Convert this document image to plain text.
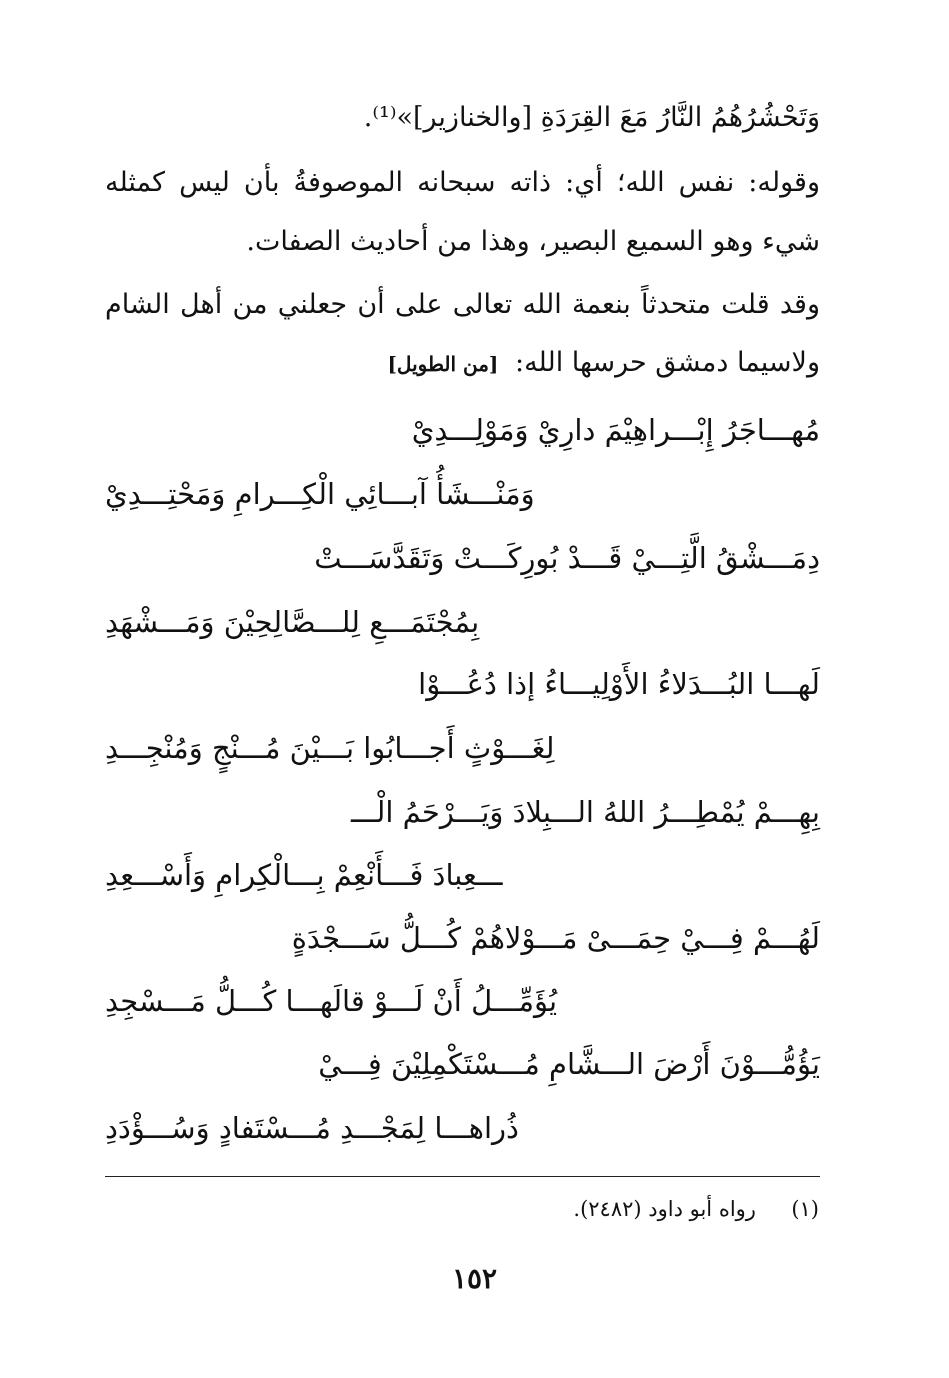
وَتَحْشُرُهُمُ النَّارُ مَعَ القِرَدَةِ [والخنازير]»⁽¹⁾.
وقوله: نفس الله؛ أي: ذاته سبحانه الموصوفةُ بأن ليس كمثله
شيء وهو السميع البصير، وهذا من أحاديث الصفات.
وقد قلت متحدثاً بنعمة الله تعالى على أن جعلني من أهل الشام
ولاسيما دمشق حرسها الله: [من الطويل]
مُهـــاجَرُ إِبْـــراهِيْمَ دارِيْ وَمَوْلِـــدِيْ
وَمَنْـــشَأُ آبـــائِي الْكِـــرامِ وَمَحْتِـــدِيْ
دِمَـــشْقُ الَّتِـــيْ قَـــدْ بُورِكَـــتْ وَتَقَدَّسَـــتْ
بِمُجْتَمَـــعِ لِلـــصَّالِحِيْنَ وَمَـــشْهَدِ
لَهـــا البُـــدَلاءُ الأَوْلِيـــاءُ إذا دُعُـــوْا
لِغَـــوْثٍ أَجـــابُوا بَـــيْنَ مُـــنْجٍ وَمُنْجِـــدِ
بِهِـــمْ يُمْطِـــرُ اللهُ الـــبِلادَ وَيَـــرْحَمُ الْـــ
ـــعِبادَ فَـــأَنْعِمْ بِـــالْكِرامِ وَأَسْـــعِدِ
لَهُـــمْ فِـــيْ حِمَـــىْ مَـــوْلاهُمْ كُـــلُّ سَـــجْدَةٍ
يُؤَمِّـــلُ أَنْ لَـــوْ قالَهـــا كُـــلُّ مَـــسْجِدِ
يَؤُمُّـــوْنَ أَرْضَ الـــشَّامِ مُـــسْتَكْمِلِيْنَ فِـــيْ
ذُراهـــا لِمَجْـــدِ مُـــسْتَفادٍ وَسُـــؤْدَدِ
(١)  رواه أبو داود (٢٤٨٢).
١٥٢
